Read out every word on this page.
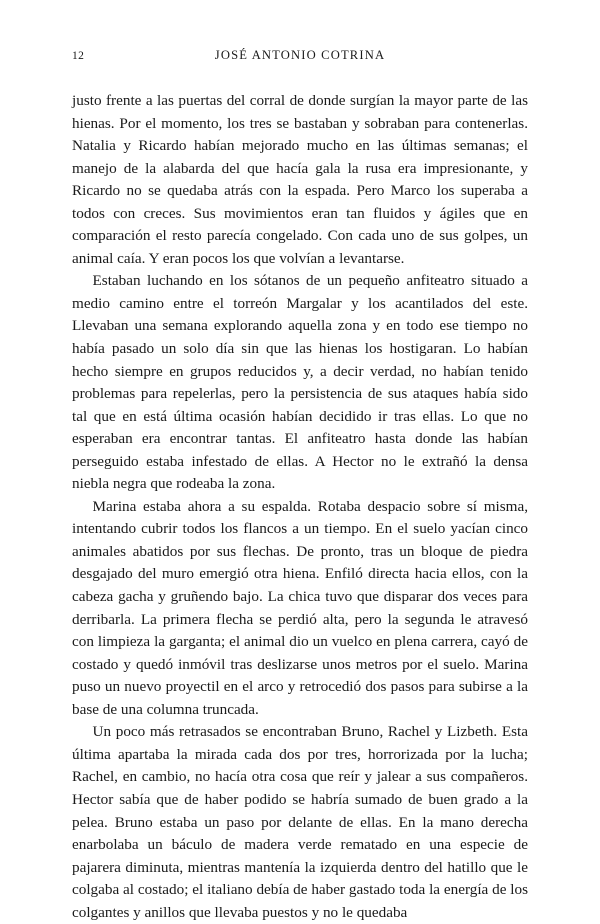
12	JOSÉ ANTONIO COTRINA

justo frente a las puertas del corral de donde surgían la mayor parte de las hienas. Por el momento, los tres se bastaban y sobraban para contenerlas. Natalia y Ricardo habían mejorado mucho en las últimas semanas; el manejo de la alabarda del que hacía gala la rusa era impresionante, y Ricardo no se quedaba atrás con la espada. Pero Marco los superaba a todos con creces. Sus movimientos eran tan fluidos y ágiles que en comparación el resto parecía congelado. Con cada uno de sus golpes, un animal caía. Y eran pocos los que volvían a levantarse.

Estaban luchando en los sótanos de un pequeño anfiteatro situado a medio camino entre el torreón Margalar y los acantilados del este. Llevaban una semana explorando aquella zona y en todo ese tiempo no había pasado un solo día sin que las hienas los hostigaran. Lo habían hecho siempre en grupos reducidos y, a decir verdad, no habían tenido problemas para repelerlas, pero la persistencia de sus ataques había sido tal que en está última ocasión habían decidido ir tras ellas. Lo que no esperaban era encontrar tantas. El anfiteatro hasta donde las habían perseguido estaba infestado de ellas. A Hector no le extrañó la densa niebla negra que rodeaba la zona.

Marina estaba ahora a su espalda. Rotaba despacio sobre sí misma, intentando cubrir todos los flancos a un tiempo. En el suelo yacían cinco animales abatidos por sus flechas. De pronto, tras un bloque de piedra desgajado del muro emergió otra hiena. Enfiló directa hacia ellos, con la cabeza gacha y gruñendo bajo. La chica tuvo que disparar dos veces para derribarla. La primera flecha se perdió alta, pero la segunda le atravesó con limpieza la garganta; el animal dio un vuelco en plena carrera, cayó de costado y quedó inmóvil tras deslizarse unos metros por el suelo. Marina puso un nuevo proyectil en el arco y retrocedió dos pasos para subirse a la base de una columna truncada.

Un poco más retrasados se encontraban Bruno, Rachel y Lizbeth. Esta última apartaba la mirada cada dos por tres, horrorizada por la lucha; Rachel, en cambio, no hacía otra cosa que reír y jalear a sus compañeros. Hector sabía que de haber podido se habría sumado de buen grado a la pelea. Bruno estaba un paso por delante de ellas. En la mano derecha enarbolaba un báculo de madera verde rematado en una especie de pajarera diminuta, mientras mantenía la izquierda dentro del hatillo que le colgaba al costado; el italiano debía de haber gastado toda la energía de los colgantes y anillos que llevaba puestos y no le quedaba
